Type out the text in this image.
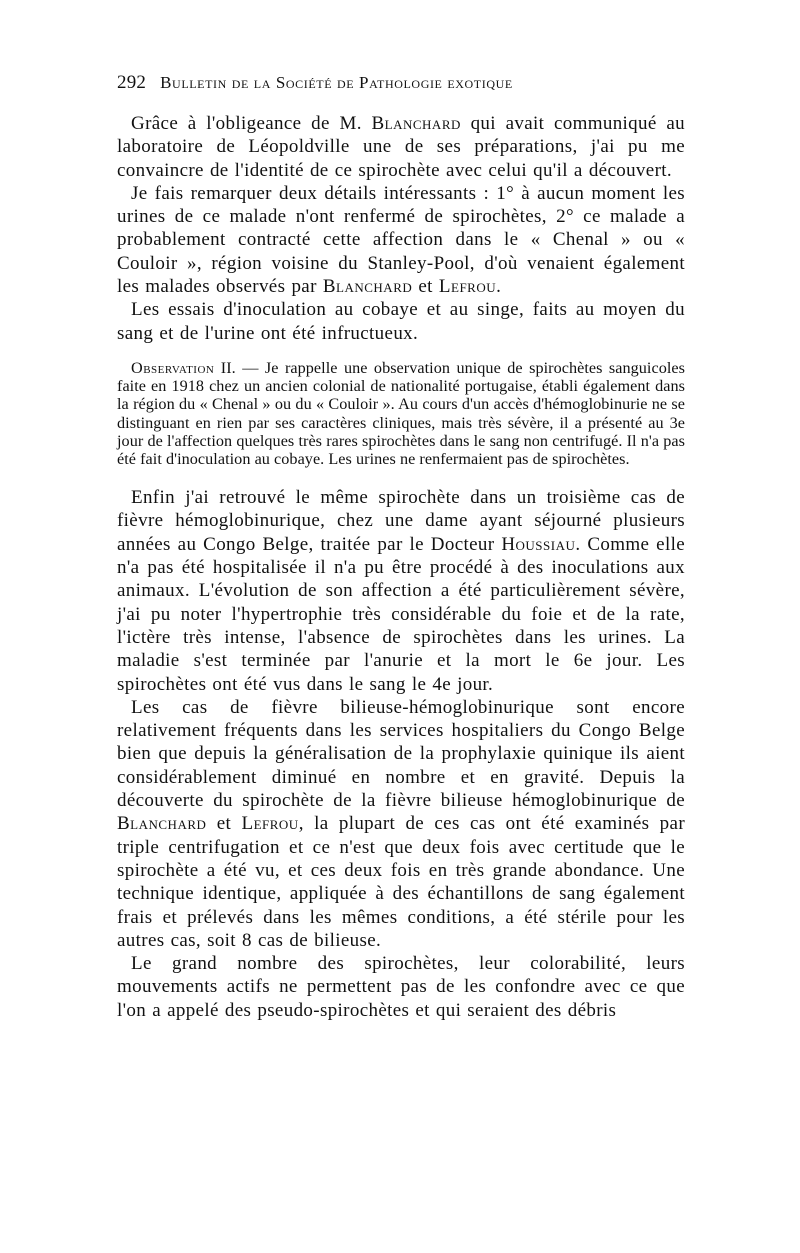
292 Bulletin de la Société de Pathologie exotique

Grâce à l'obligeance de M. Blanchard qui avait communiqué au laboratoire de Léopoldville une de ses préparations, j'ai pu me convaincre de l'identité de ce spirochète avec celui qu'il a découvert.

Je fais remarquer deux détails intéressants : 1° à aucun moment les urines de ce malade n'ont renfermé de spirochètes, 2° ce malade a probablement contracté cette affection dans le « Chenal » ou « Couloir », région voisine du Stanley-Pool, d'où venaient également les malades observés par Blanchard et Lefrou.

Les essais d'inoculation au cobaye et au singe, faits au moyen du sang et de l'urine ont été infructueux.

Observation II. — Je rappelle une observation unique de spirochètes sanguicoles faite en 1918 chez un ancien colonial de nationalité portugaise, établi également dans la région du « Chenal » ou du « Couloir ». Au cours d'un accès d'hémoglobinurie ne se distinguant en rien par ses caractères cliniques, mais très sévère, il a présenté au 3e jour de l'affection quelques très rares spirochètes dans le sang non centrifugé. Il n'a pas été fait d'inoculation au cobaye. Les urines ne renfermaient pas de spirochètes.

Enfin j'ai retrouvé le même spirochète dans un troisième cas de fièvre hémoglobinurique, chez une dame ayant séjourné plusieurs années au Congo Belge, traitée par le Docteur Houssiau. Comme elle n'a pas été hospitalisée il n'a pu être procédé à des inoculations aux animaux. L'évolution de son affection a été particulièrement sévère, j'ai pu noter l'hypertrophie très considérable du foie et de la rate, l'ictère très intense, l'absence de spirochètes dans les urines. La maladie s'est terminée par l'anurie et la mort le 6e jour. Les spirochètes ont été vus dans le sang le 4e jour.

Les cas de fièvre bilieuse-hémoglobinurique sont encore relativement fréquents dans les services hospitaliers du Congo Belge bien que depuis la généralisation de la prophylaxie quinique ils aient considérablement diminué en nombre et en gravité. Depuis la découverte du spirochète de la fièvre bilieuse hémoglobinurique de Blanchard et Lefrou, la plupart de ces cas ont été examinés par triple centrifugation et ce n'est que deux fois avec certitude que le spirochète a été vu, et ces deux fois en très grande abondance. Une technique identique, appliquée à des échantillons de sang également frais et prélevés dans les mêmes conditions, a été stérile pour les autres cas, soit 8 cas de bilieuse.

Le grand nombre des spirochètes, leur colorabilité, leurs mouvements actifs ne permettent pas de les confondre avec ce que l'on a appelé des pseudo-spirochètes et qui seraient des débris
